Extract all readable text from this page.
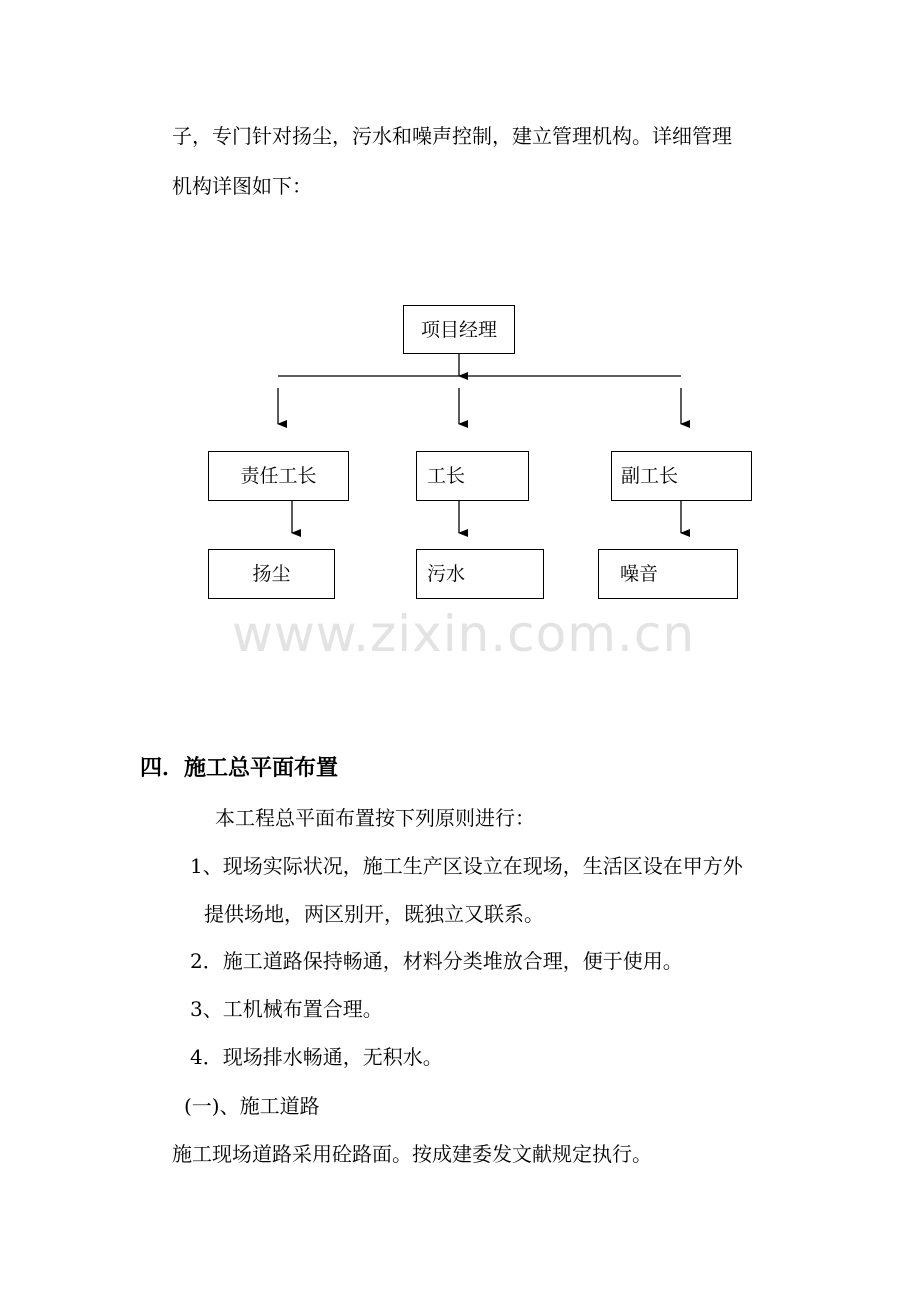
子，专门针对扬尘，污水和噪声控制，建立管理机构。详细管理
机构详图如下：
项目经理
责任工长	工长	副工长
扬尘	污水	噪音
www.zixin.com.cn
四．施工总平面布置
本工程总平面布置按下列原则进行：
1、现场实际状况，施工生产区设立在现场，生活区设在甲方外
提供场地，两区别开，既独立又联系。
2．施工道路保持畅通，材料分类堆放合理，便于使用。
3、工机械布置合理。
4．现场排水畅通，无积水。
(一)、施工道路
施工现场道路采用砼路面。按成建委发文献规定执行。
